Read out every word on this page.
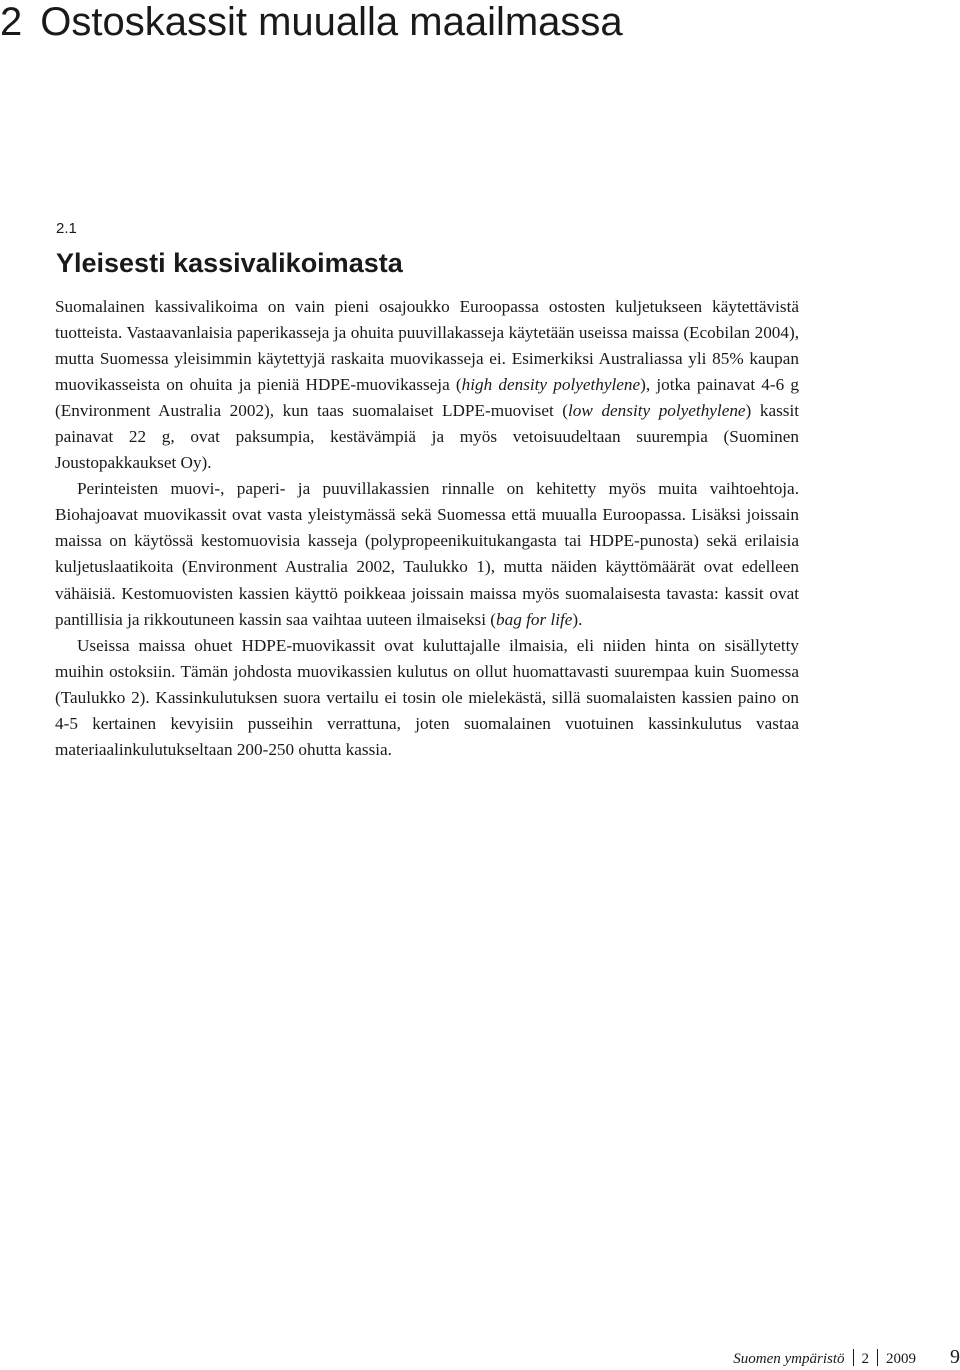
2 Ostoskassit muualla maailmassa
2.1
Yleisesti kassivalikoimasta

Suomalainen kassivalikoima on vain pieni osajoukko Euroopassa ostosten kuljetukseen käytettävistä tuotteista. Vastaavanlaisia paperikasseja ja ohuita puuvillakasseja käytetään useissa maissa (Ecobilan 2004), mutta Suomessa yleisimmin käytettyjä raskaita muovikasseja ei. Esimerkiksi Australiassa yli 85% kaupan muovikasseista on ohuita ja pieniä HDPE-muovikasseja (high density polyethylene), jotka painavat 4-6 g (Environment Australia 2002), kun taas suomalaiset LDPE-muoviset (low density polyethylene) kassit painavat 22 g, ovat paksumpia, kestävämpiä ja myös vetoisuudeltaan suurempia (Suominen Joustopakkaukset Oy).

Perinteisten muovi-, paperi- ja puuvillakassien rinnalle on kehitetty myös muita vaihtoehtoja. Biohajoavat muovikassit ovat vasta yleistymässä sekä Suomessa että muualla Euroopassa. Lisäksi joissain maissa on käytössä kestomuovisia kasseja (polypropeenikuitukangasta tai HDPE-punosta) sekä erilaisia kuljetuslaatikoita (Environment Australia 2002, Taulukko 1), mutta näiden käyttömäärät ovat edelleen vähäisiä. Kestomuovisten kassien käyttö poikkeaa joissain maissa myös suomalaisesta tavasta: kassit ovat pantillisia ja rikkoutuneen kassin saa vaihtaa uuteen ilmaiseksi (bag for life).

Useissa maissa ohuet HDPE-muovikassit ovat kuluttajalle ilmaisia, eli niiden hinta on sisällytetty muihin ostoksiin. Tämän johdosta muovikassien kulutus on ollut huomattavasti suurempaa kuin Suomessa (Taulukko 2). Kassinkulutuksen suora vertailu ei tosin ole mielekästä, sillä suomalaisten kassien paino on 4-5 kertainen kevyisiin pusseihin verrattuna, joten suomalainen vuotuinen kassinkulutus vastaa materiaalinkulutukseltaan 200-250 ohutta kassia.

Suomen ympäristö 2 2009 9
